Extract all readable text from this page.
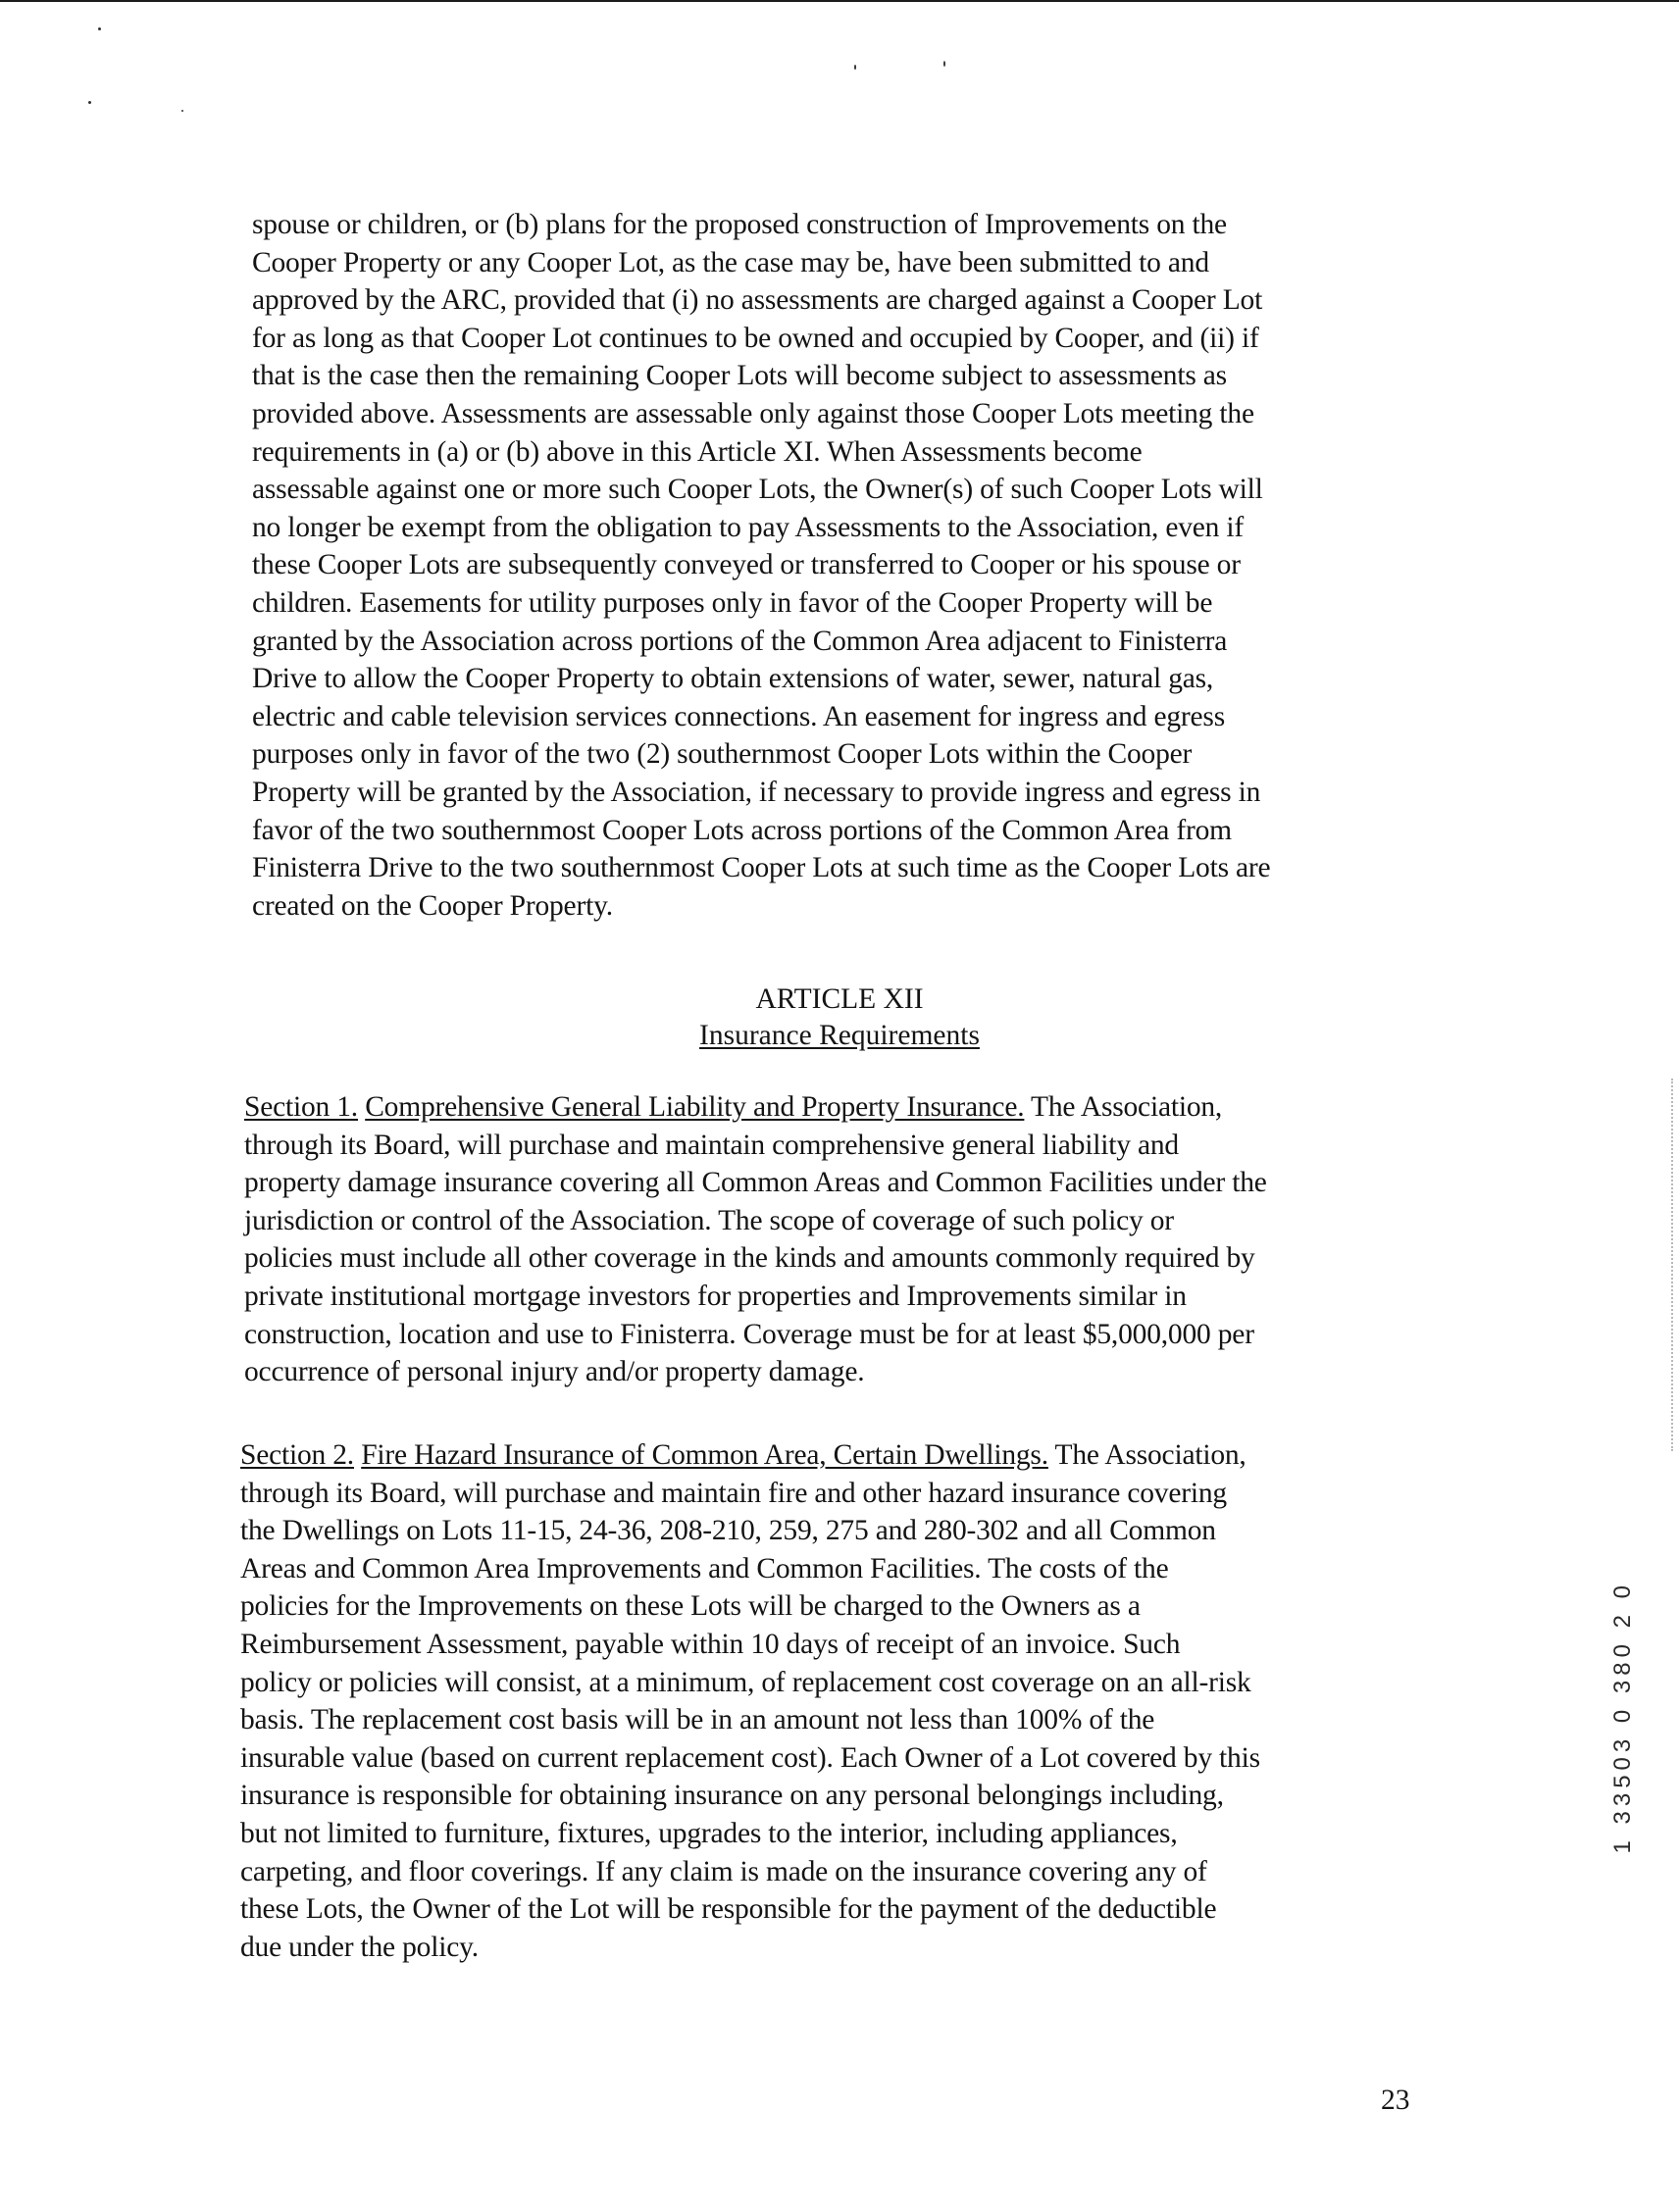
spouse or children, or (b) plans for the proposed construction of Improvements on the
Cooper Property or any Cooper Lot, as the case may be, have been submitted to and
approved by the ARC, provided that (i) no assessments are charged against a Cooper Lot
for as long as that Cooper Lot continues to be owned and occupied by Cooper, and (ii) if
that is the case then the remaining Cooper Lots will become subject to assessments as
provided above. Assessments are assessable only against those Cooper Lots meeting the
requirements in (a) or (b) above in this Article XI. When Assessments become
assessable against one or more such Cooper Lots, the Owner(s) of such Cooper Lots will
no longer be exempt from the obligation to pay Assessments to the Association, even if
these Cooper Lots are subsequently conveyed or transferred to Cooper or his spouse or
children. Easements for utility purposes only in favor of the Cooper Property will be
granted by the Association across portions of the Common Area adjacent to Finisterra
Drive to allow the Cooper Property to obtain extensions of water, sewer, natural gas,
electric and cable television services connections. An easement for ingress and egress
purposes only in favor of the two (2) southernmost Cooper Lots within the Cooper
Property will be granted by the Association, if necessary to provide ingress and egress in
favor of the two southernmost Cooper Lots across portions of the Common Area from
Finisterra Drive to the two southernmost Cooper Lots at such time as the Cooper Lots are
created on the Cooper Property.

ARTICLE XII
Insurance Requirements

Section 1. Comprehensive General Liability and Property Insurance. The Association,
through its Board, will purchase and maintain comprehensive general liability and
property damage insurance covering all Common Areas and Common Facilities under the
jurisdiction or control of the Association. The scope of coverage of such policy or
policies must include all other coverage in the kinds and amounts commonly required by
private institutional mortgage investors for properties and Improvements similar in
construction, location and use to Finisterra. Coverage must be for at least $5,000,000 per
occurrence of personal injury and/or property damage.

Section 2. Fire Hazard Insurance of Common Area, Certain Dwellings. The Association,
through its Board, will purchase and maintain fire and other hazard insurance covering
the Dwellings on Lots 11-15, 24-36, 208-210, 259, 275 and 280-302 and all Common
Areas and Common Area Improvements and Common Facilities. The costs of the
policies for the Improvements on these Lots will be charged to the Owners as a
Reimbursement Assessment, payable within 10 days of receipt of an invoice. Such
policy or policies will consist, at a minimum, of replacement cost coverage on an all-risk
basis. The replacement cost basis will be in an amount not less than 100% of the
insurable value (based on current replacement cost). Each Owner of a Lot covered by this
insurance is responsible for obtaining insurance on any personal belongings including,
but not limited to furniture, fixtures, upgrades to the interior, including appliances,
carpeting, and floor coverings. If any claim is made on the insurance covering any of
these Lots, the Owner of the Lot will be responsible for the payment of the deductible
due under the policy.

1 33503 0 380 2 0
23
